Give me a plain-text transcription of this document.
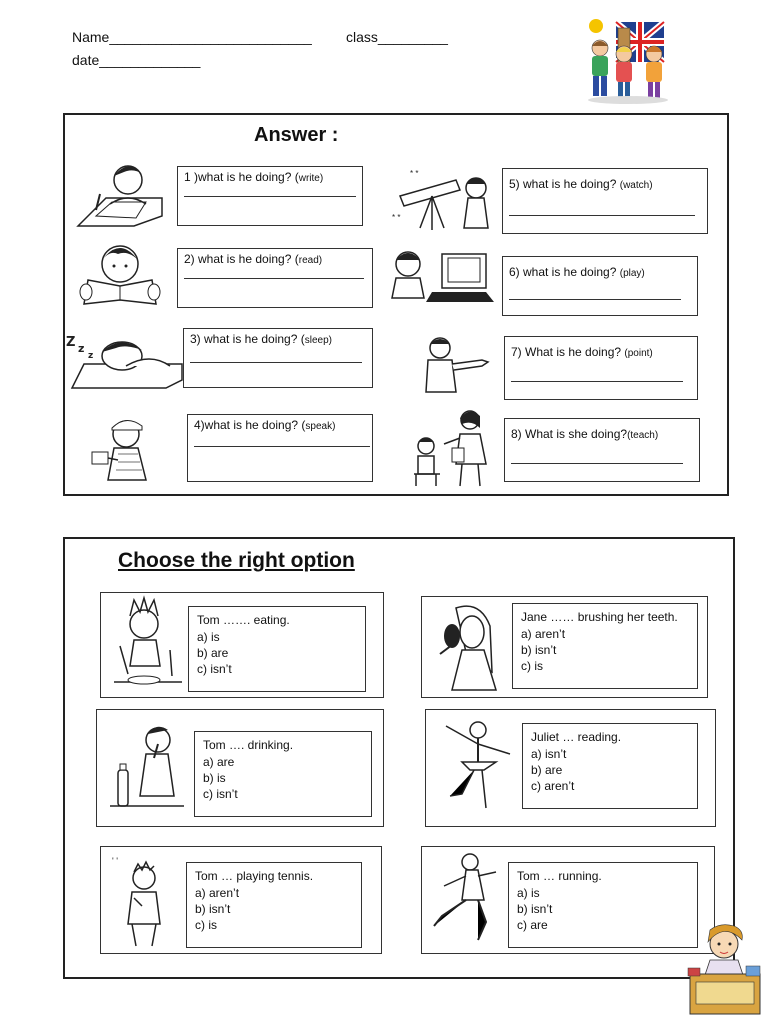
Name__________________________ class_________
date_____________
Answer :
Z z
z
* *
* *
1 )what is he doing? (write)
2) what is he doing? (read)
3) what is he doing? (sleep)
4)what is he doing? (speak)
5) what is he doing? (watch)
6) what is he doing? (play)
7) What is he doing? (point)
8) What is she doing?(teach)
Choose the right option
Tom ……. eating.
a) is
b) are
c) isn’t
Jane …… brushing her teeth.
a) aren’t
b) isn’t
c) is
Tom …. drinking.
a) are
b) is
c) isn’t
Juliet … reading.
a) isn’t
b) are
c) aren’t
' '
Tom … playing tennis.
a) aren’t
b) isn’t
c) is
Tom … running.
a) is
b) isn’t
c) are
